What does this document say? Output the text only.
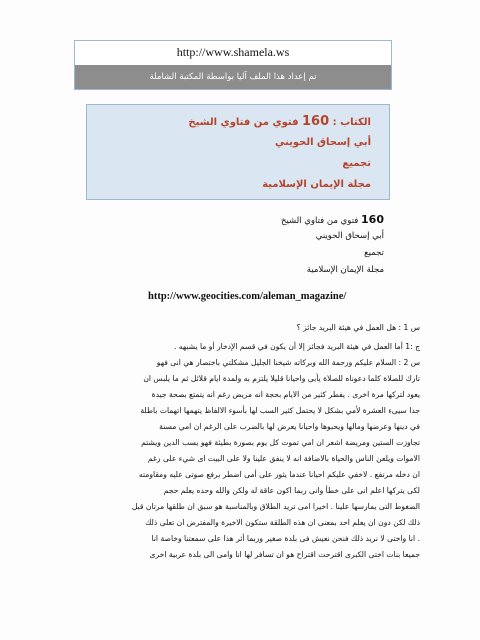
http://www.shamela.ws
تم إعداد هذا الملف آليا بواسطة المكتبة الشاملة
الكتاب : 160 فتوي من فتاوي الشيخ
أبي إسحاق الحويني
تجميع
مجلة الإيمان الإسلامية
160 فتوي من فتاوي الشيخ
أبي إسحاق الحويني
تجميع
مجلة الإيمان الإسلامية
http://www.geocities.com/aleman_magazine/
س 1 : هل العمل في هيئة البريد جائز ؟
ج :1 أما العمل في هيئة البريد فجائز إلا أن يكون في قسم الإدخار أو ما يشبهه .
س 2 : السلام عليكم ورحمة الله وبركاته شيخنا الجليل مشكلتي باختصار هي انى فهو
تارك للصلاة كلما دعوناه للصلاة يأبى واحيانا قليلا يلتزم به ولمدة ايام قلائل ثم ما يلبس ان
يعود لتركها مرة اخرى . يفطر كثير من الايام بحجة انه مريض رغم انه يتمتع بصحة جيدة
جدا سيىء العشرة لأمي بشكل لا يحتمل كثير السب لها بأسوء الالفاظ يتهمها اتهمات باطلة
في دينها وعرضها ومالها ويحبوها واحيانا يعرض لها بالضرب على الرغم ان امي مسنة
تجاوزت الستين ومريضة اشعر ان امي تموت كل يوم بصورة بطيئة فهو يسب الدين ويشتم
الاموات ويلعن الناس والحياة بالاضافة انه لا ينفق علينا ولا على البيت اى شيء على رغم
ان دخله مرتفع . لاخفي عليكم احيانا عندما يثور على أمى اضطر برفع صوتى عليه ومقاومته
لكى يتركها اعلم انى على خطأ وانى ربما اكون عاقة له ولكن والله وحده يعلم حجم
الضغوط التى يمارسها علينا . اخيرا امى تريد الطلاق وبالمناسبة هو سبق ان طلقها مرتان قبل
ذلك لكن دون ان يعلم احد بمعنى ان هذه الطلقة ستكون الاخيرة والمفترض ان تعلى ذلك
. انا واختى لا نريد ذلك فنحن نعيش فى بلدة صغير وربما أثر هذا على سمعتنا وخاصة انا
جميعا بنات اختى الكبرى اقترحت اقتراح هو ان تسافر لها انا وامى الى بلدة عربية اخرى
